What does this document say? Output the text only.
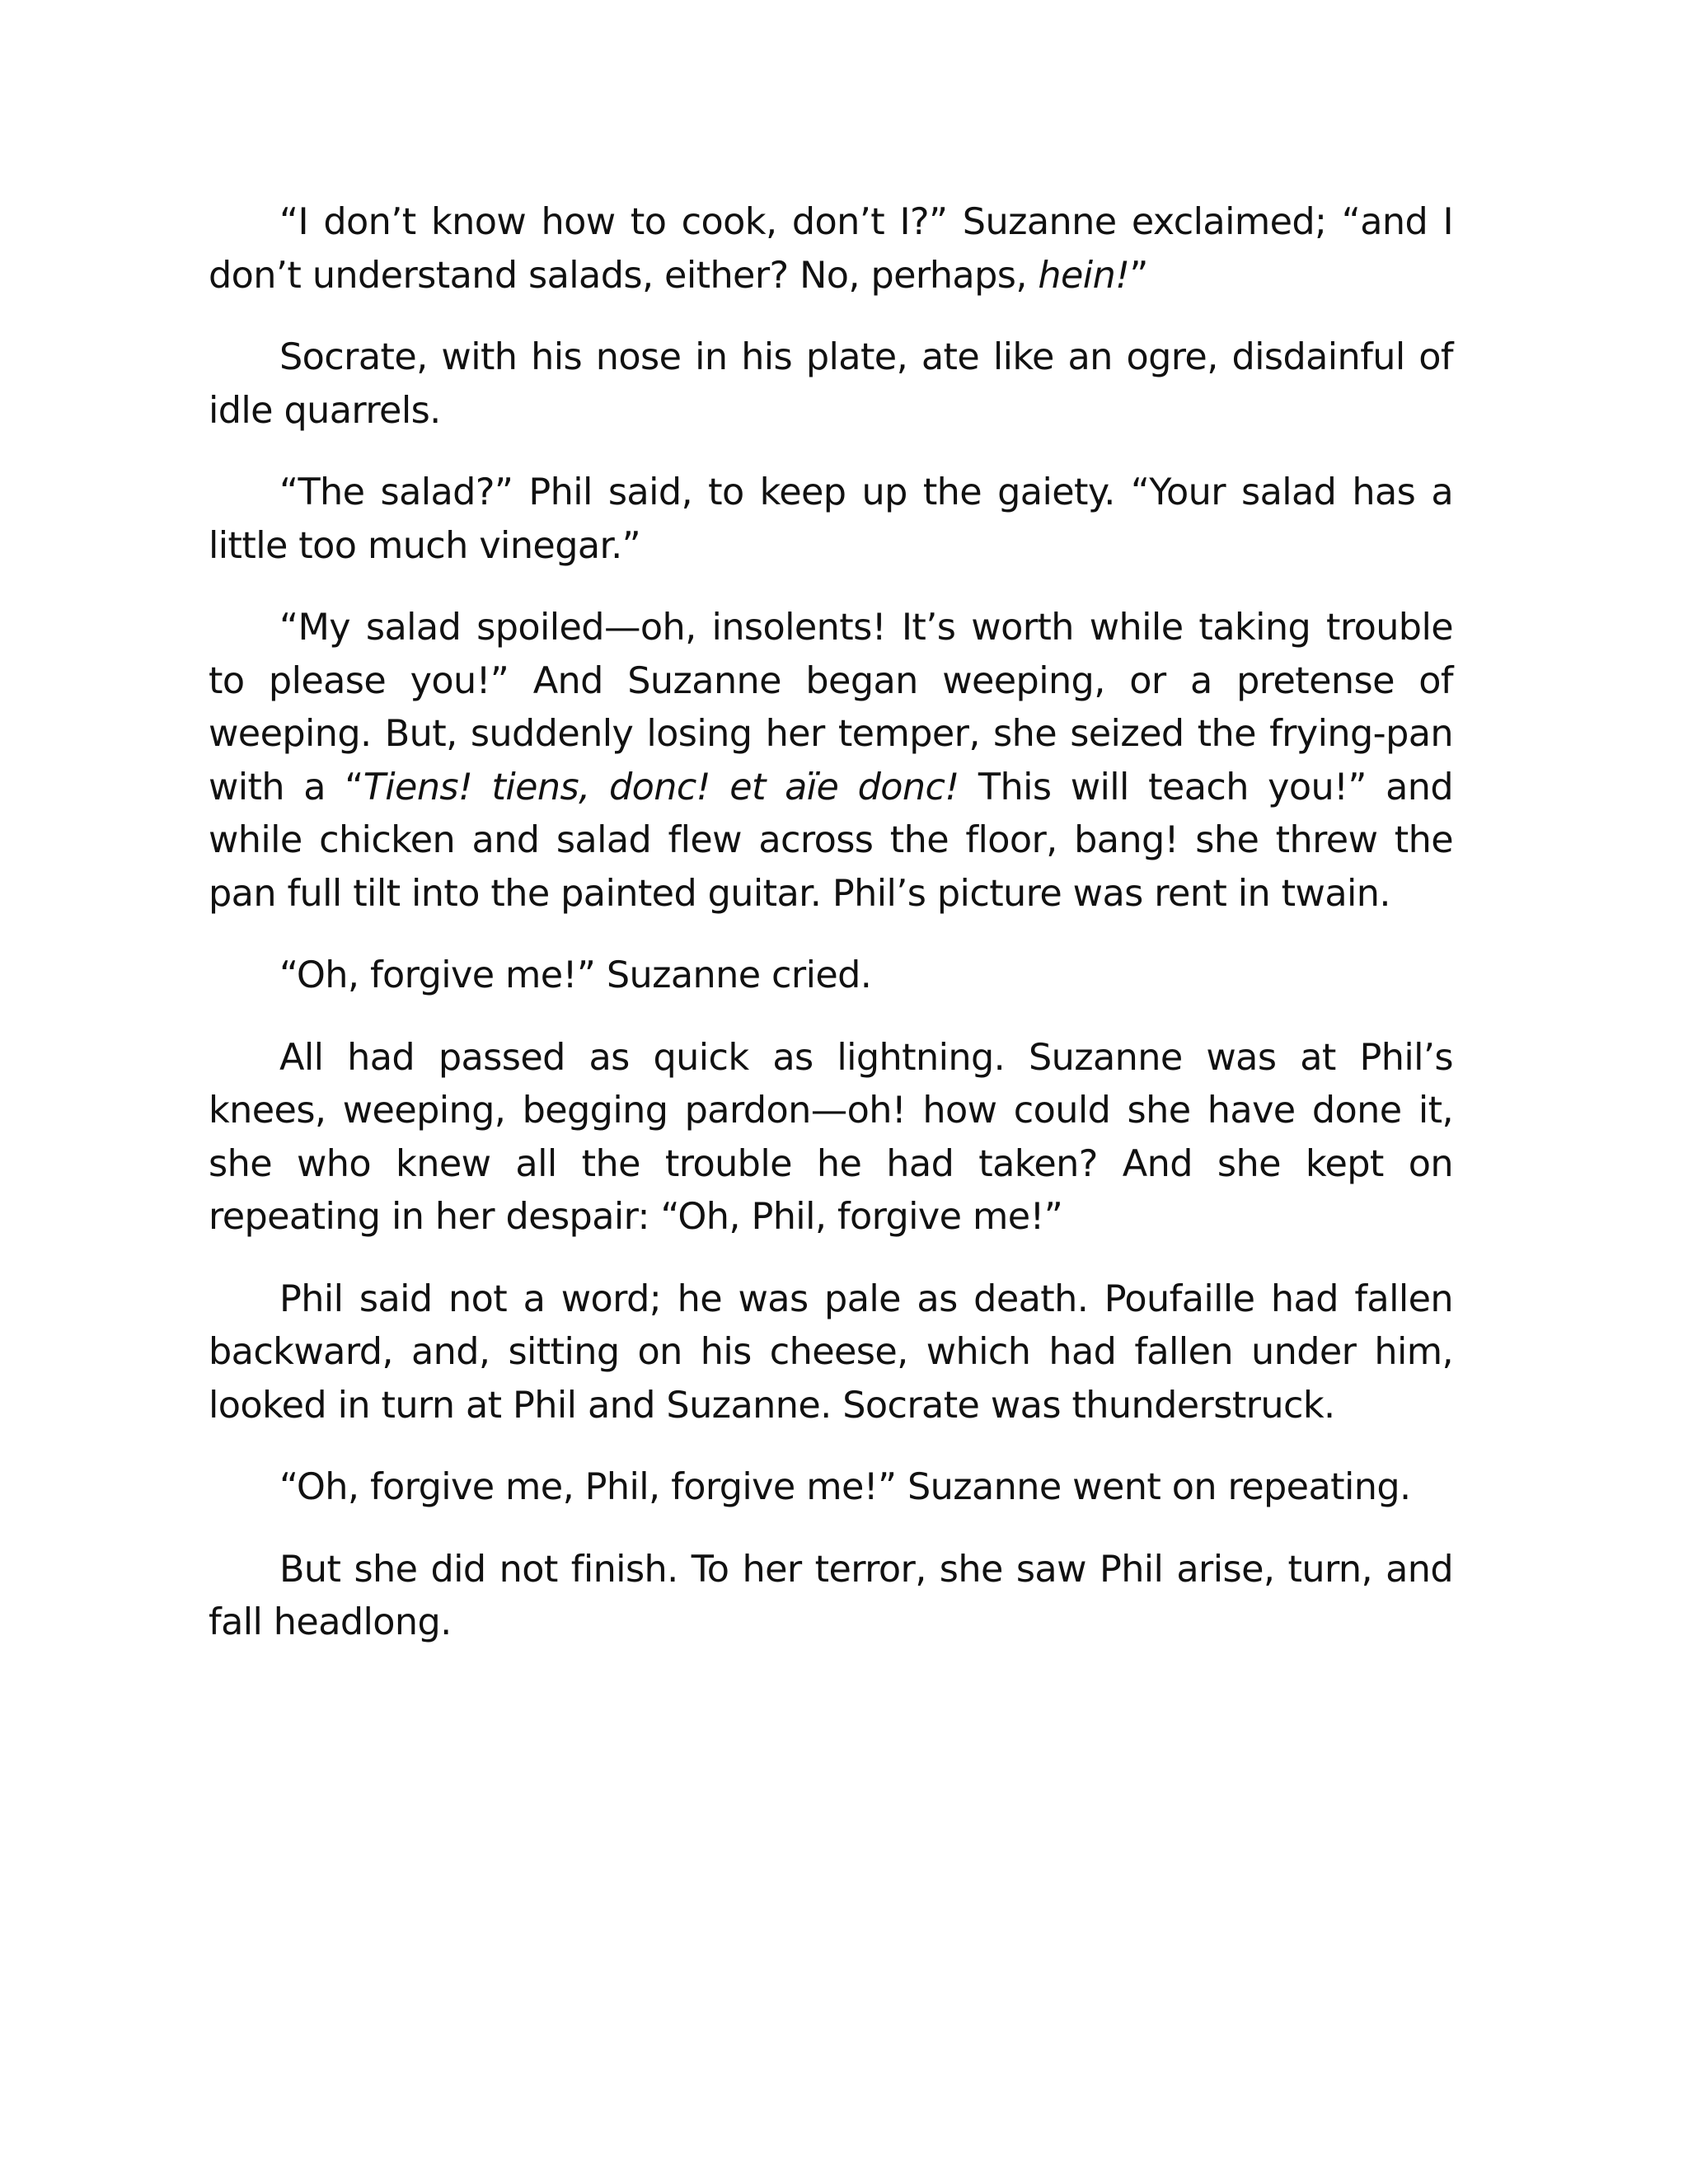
“I don’t know how to cook, don’t I?” Suzanne exclaimed; “and I don’t understand salads, either? No, perhaps, hein!”

Socrate, with his nose in his plate, ate like an ogre, disdainful of idle quarrels.

“The salad?” Phil said, to keep up the gaiety. “Your salad has a little too much vinegar.”

“My salad spoiled—oh, insolents! It’s worth while taking trouble to please you!” And Suzanne began weeping, or a pretense of weeping. But, suddenly losing her temper, she seized the frying-pan with a “Tiens! tiens, donc! et aïe donc! This will teach you!” and while chicken and salad flew across the floor, bang! she threw the pan full tilt into the painted guitar. Phil’s picture was rent in twain.

“Oh, forgive me!” Suzanne cried.

All had passed as quick as lightning. Suzanne was at Phil’s knees, weeping, begging pardon—oh! how could she have done it, she who knew all the trouble he had taken? And she kept on repeating in her despair: “Oh, Phil, forgive me!”

Phil said not a word; he was pale as death. Poufaille had fallen backward, and, sitting on his cheese, which had fallen under him, looked in turn at Phil and Suzanne. Socrate was thunderstruck.

“Oh, forgive me, Phil, forgive me!” Suzanne went on repeating.

But she did not finish. To her terror, she saw Phil arise, turn, and fall headlong.
